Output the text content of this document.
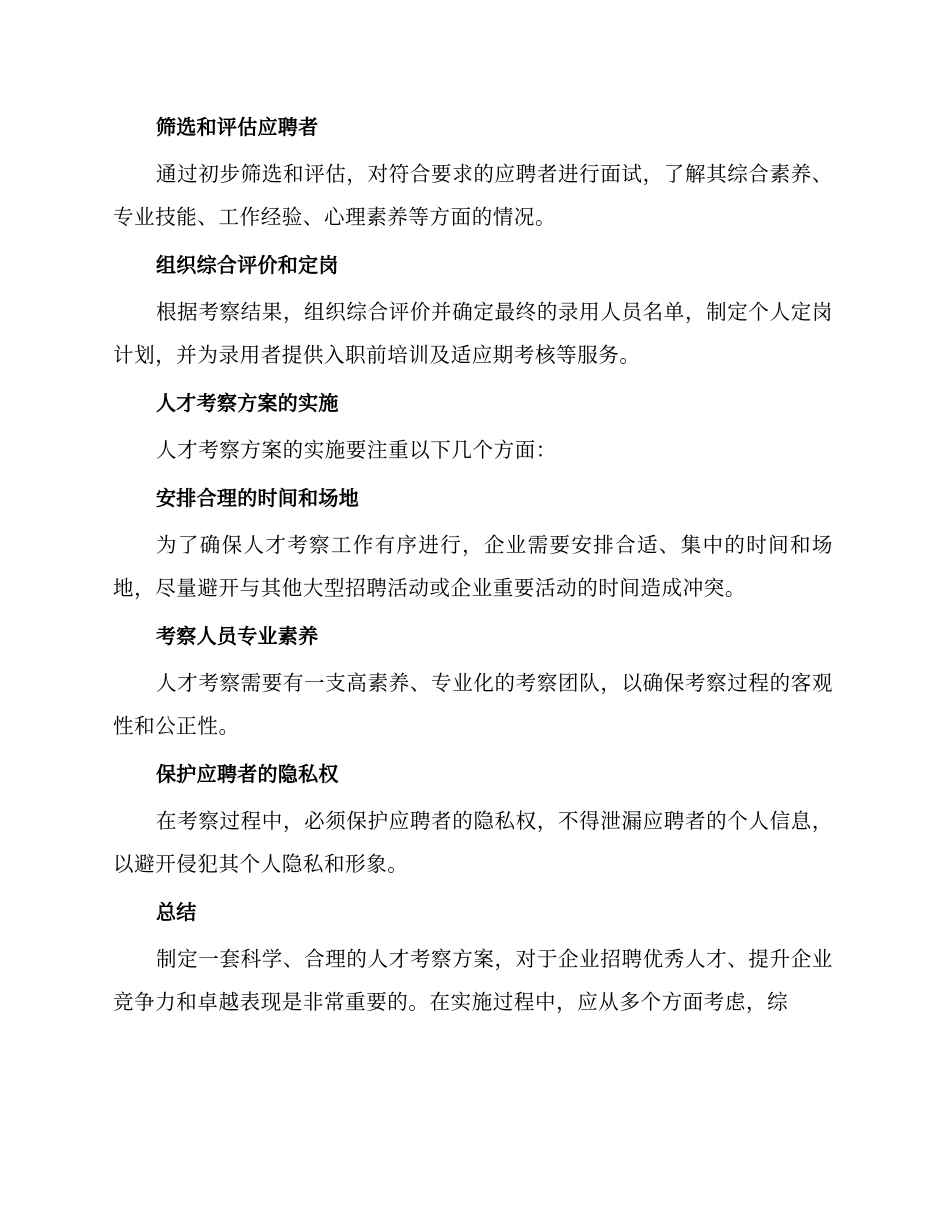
筛选和评估应聘者

通过初步筛选和评估，对符合要求的应聘者进行面试，了解其综合素养、专业技能、工作经验、心理素养等方面的情况。

组织综合评价和定岗

根据考察结果，组织综合评价并确定最终的录用人员名单，制定个人定岗计划，并为录用者提供入职前培训及适应期考核等服务。

人才考察方案的实施

人才考察方案的实施要注重以下几个方面：

安排合理的时间和场地

为了确保人才考察工作有序进行，企业需要安排合适、集中的时间和场地，尽量避开与其他大型招聘活动或企业重要活动的时间造成冲突。

考察人员专业素养

人才考察需要有一支高素养、专业化的考察团队，以确保考察过程的客观性和公正性。

保护应聘者的隐私权

在考察过程中，必须保护应聘者的隐私权，不得泄漏应聘者的个人信息，以避开侵犯其个人隐私和形象。

总结

制定一套科学、合理的人才考察方案，对于企业招聘优秀人才、提升企业竞争力和卓越表现是非常重要的。在实施过程中，应从多个方面考虑，综
